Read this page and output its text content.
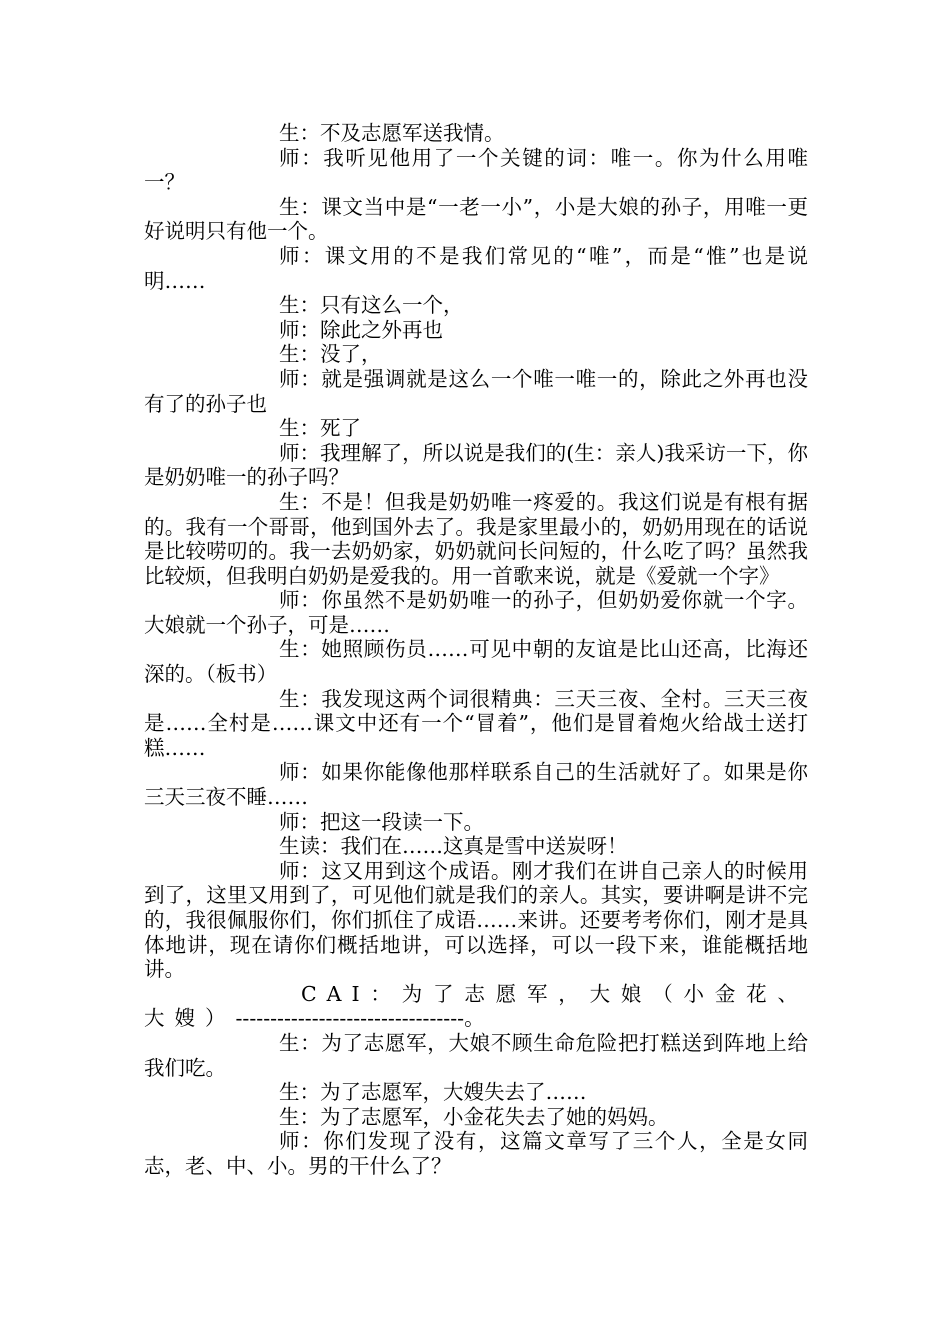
生：不及志愿军送我情。

师：我听见他用了一个关键的词：唯一。你为什么用唯一？

生：课文当中是“一老一小”，小是大娘的孙子，用唯一更好说明只有他一个。

师：课文用的不是我们常见的“唯”，而是“惟”也是说明……

生：只有这么一个，

师：除此之外再也

生：没了，

师：就是强调就是这么一个唯一唯一的，除此之外再也没有了的孙子也

生：死了

师：我理解了，所以说是我们的(生：亲人)我采访一下，你是奶奶唯一的孙子吗？

生：不是！但我是奶奶唯一疼爱的。我这们说是有根有据的。我有一个哥哥，他到国外去了。我是家里最小的，奶奶用现在的话说是比较唠叨的。我一去奶奶家，奶奶就问长问短的，什么吃了吗？虽然我比较烦，但我明白奶奶是爱我的。用一首歌来说，就是《爱就一个字》

师：你虽然不是奶奶唯一的孙子，但奶奶爱你就一个字。大娘就一个孙子，可是……

生：她照顾伤员……可见中朝的友谊是比山还高，比海还深的。（板书）

生：我发现这两个词很精典：三天三夜、全村。三天三夜是……全村是……课文中还有一个“冒着”，他们是冒着炮火给战士送打糕……

师：如果你能像他那样联系自己的生活就好了。如果是你三天三夜不睡……

师：把这一段读一下。

生读：我们在……这真是雪中送炭呀！

师：这又用到这个成语。刚才我们在讲自己亲人的时候用到了，这里又用到了，可见他们就是我们的亲人。其实，要讲啊是讲不完的，我很佩服你们，你们抓住了成语……来讲。还要考考你们，刚才是具体地讲，现在请你们概括地讲，可以选择，可以一段下来，谁能概括地讲。

CAI：为了志愿军，大娘（小金花、大嫂）---------------------------------。

生：为了志愿军，大娘不顾生命危险把打糕送到阵地上给我们吃。

生：为了志愿军，大嫂失去了……

生：为了志愿军，小金花失去了她的妈妈。

师：你们发现了没有，这篇文章写了三个人，全是女同志，老、中、小。男的干什么了？
